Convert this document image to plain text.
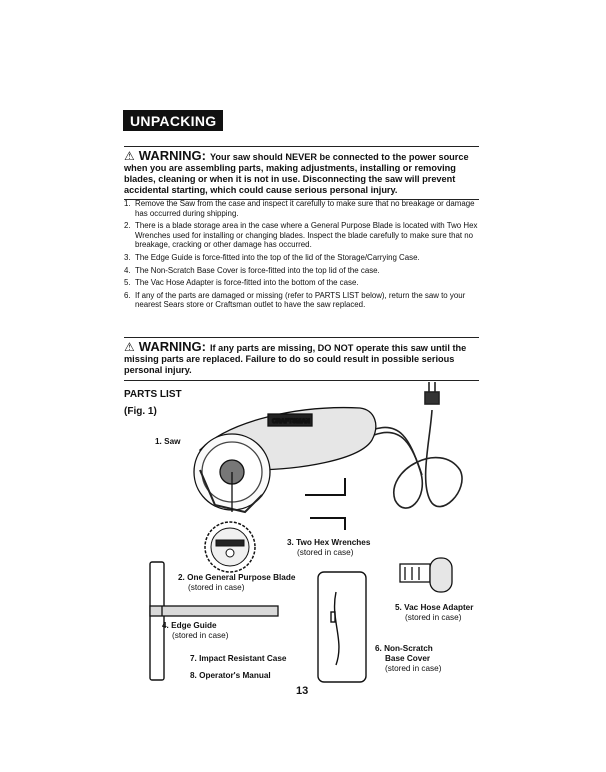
UNPACKING
⚠ WARNING: Your saw should NEVER be connected to the power source when you are assembling parts, making adjustments, installing or removing blades, cleaning or when it is not in use. Disconnecting the saw will prevent accidental starting, which could cause serious personal injury.
1. Remove the Saw from the case and inspect it carefully to make sure that no breakage or damage has occurred during shipping.
2. There is a blade storage area in the case where a General Purpose Blade is located with Two Hex Wrenches used for installing or changing blades. Inspect the blade carefully to make sure that no breakage, cracking or other damage has occurred.
3. The Edge Guide is force-fitted into the top of the lid of the Storage/Carrying Case.
4. The Non-Scratch Base Cover is force-fitted into the top lid of the case.
5. The Vac Hose Adapter is force-fitted into the bottom of the case.
6. If any of the parts are damaged or missing (refer to PARTS LIST below), return the saw to your nearest Sears store or Craftsman outlet to have the saw replaced.
⚠ WARNING: If any parts are missing, DO NOT operate this saw until the missing parts are replaced. Failure to do so could result in possible serious personal injury.
PARTS LIST
(Fig. 1)
CRAFTSMAN
1. Saw
3. Two Hex Wrenches
(stored in case)
2. One General Purpose Blade
(stored in case)
5. Vac Hose Adapter
(stored in case)
4. Edge Guide
(stored in case)
6. Non-Scratch
Base Cover
(stored in case)
7. Impact Resistant Case
8. Operator's Manual
13
